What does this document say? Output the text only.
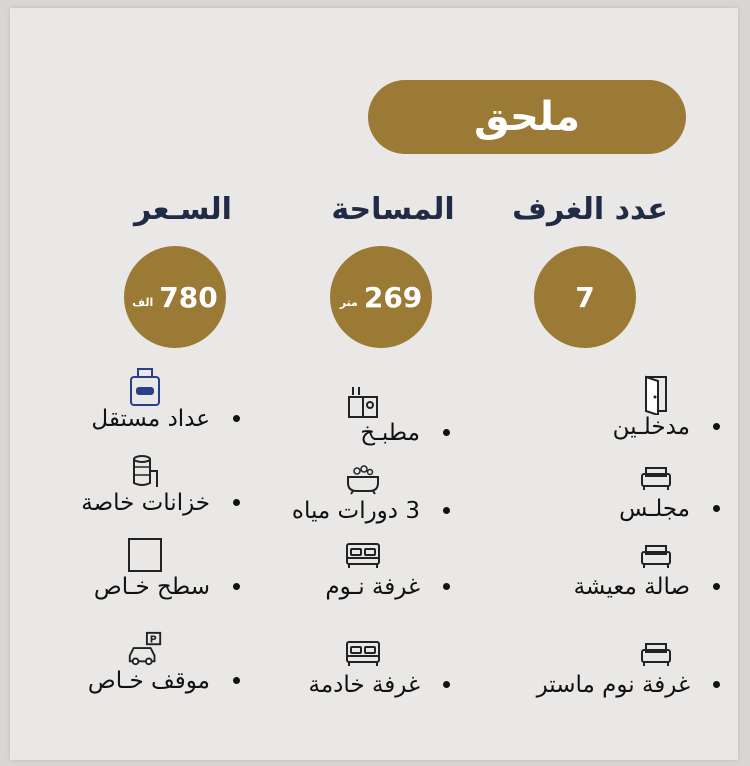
ملحق
عدد الغرف
المساحة
السـعر
7
متر 269
الف 780
مدخلـين
مجلـس
صالة معيشة
غرفة نوم ماستر
مطبـخ
3 دورات مياه
غرفة نـوم
غرفة خادمة
عداد مستقل
خزانات خاصة
سطح خـاص
P
موقف خـاص
